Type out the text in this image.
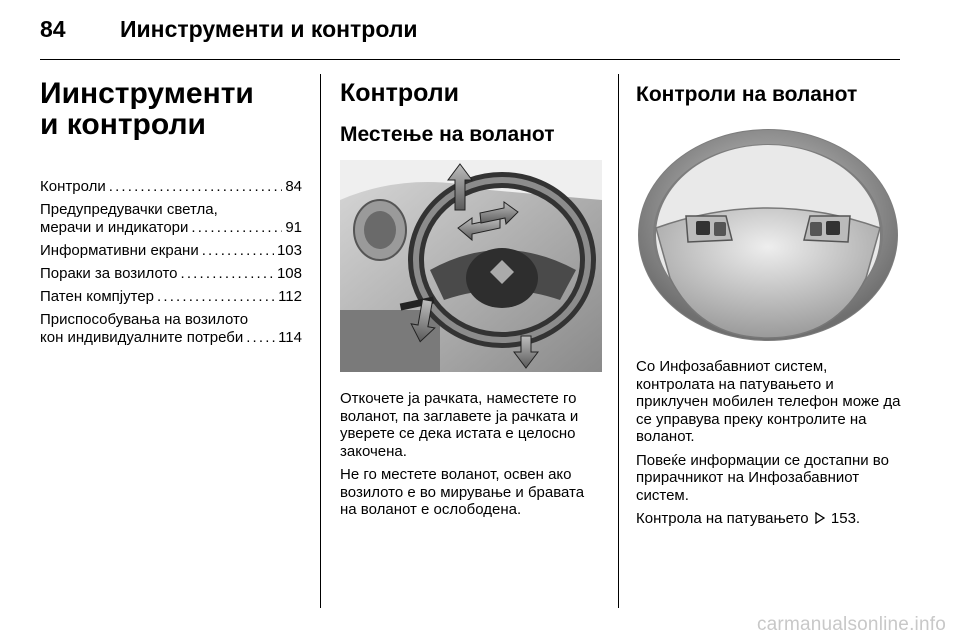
84 Иинструменти и контроли
Иинструменти
и контроли
Контроли . . .	84
Предупредувачки светла,
мерачи и индикатори . . .	91
Информативни екрани . . .	103
Пораки за возилото . . .	108
Патен компјутер . . .	112
Приспособувања на возилото
кон индивидуалните потреби . . . 114
Контроли
Местење на воланот

Откочете ја рачката, наместете го воланот, па заглавете ја рачката и уверете се дека истата е целосно закочена.

Не го местете воланот, освен ако возилото е во мирување и бравата на воланот е ослободена.

Контроли на воланот

Со Инфозабавниот систем, контролата на патувањето и приклучен мобилен телефон може да се управува преку контролите на воланот.

Повеќе информации се достапни во прирачникот на Инфозабавниот систем.

Контрола на патувањето 153.

carmanualsonline.info
